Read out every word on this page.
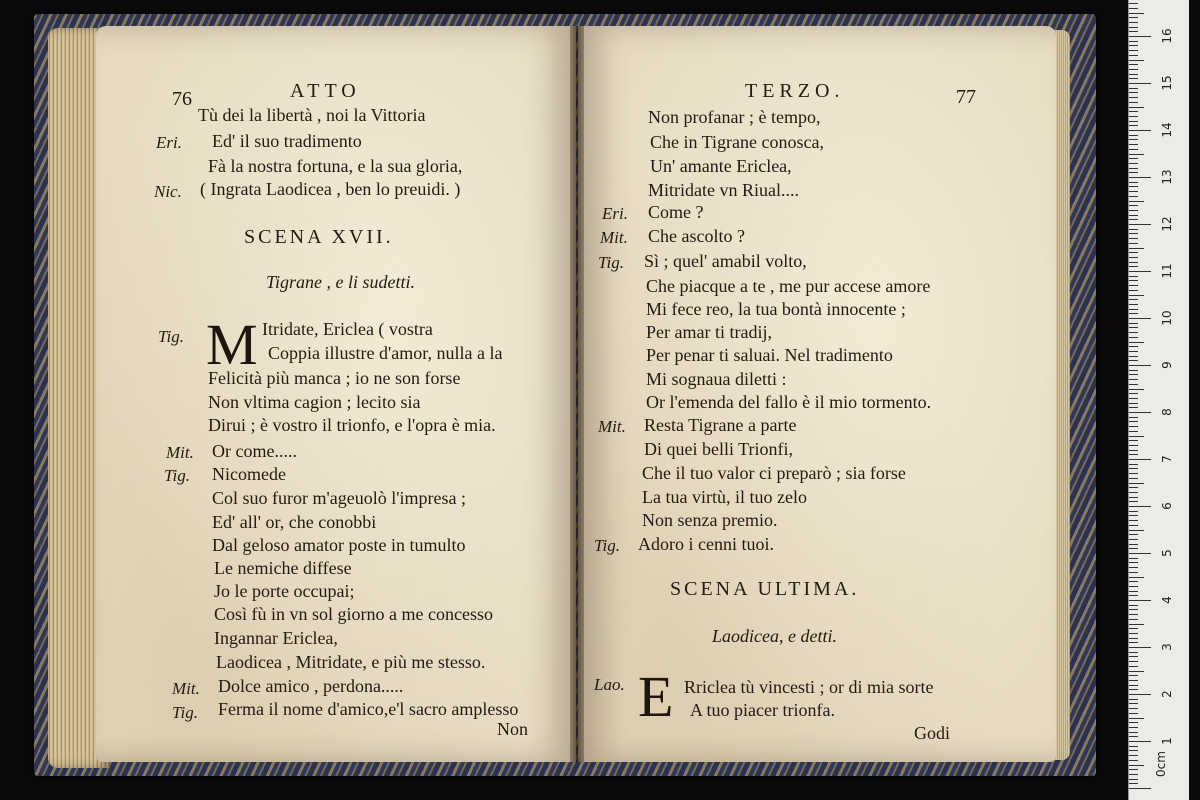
76	ATTO
Tù dei la libertà , noi la Vittoria
Eri. Ed' il suo tradimento
Fà la nostra fortuna, e la sua gloria,
Nic. ( Ingrata Laodicea , ben lo preuidi. )
SCENA XVII.
Tigrane , e li sudetti.
Tig. M Itridate, Ericlea ( vostra
Coppia illustre d'amor, nulla a la
Felicità più manca ; io ne son forse
Non vltima cagion ; lecito sia
Dirui ; è vostro il trionfo, e l'opra è mia.
Mit. Or come.....
Tig. Nicomede
Col suo furor m'ageuolò l'impresa ;
Ed' all' or, che conobbi
Dal geloso amator poste in tumulto
Le nemiche diffese
Jo le porte occupai;
Così fù in vn sol giorno a me concesso
Ingannar Ericlea,
Laodicea , Mitridate, e più me stesso.
Mit. Dolce amico , perdona.....
Tig. Ferma il nome d'amico,e'l sacro amplesso
Non
TERZO.	77
Non profanar ; è tempo,
Che in Tigrane conosca,
Un' amante Ericlea,
Mitridate vn Riual....
Eri. Come ?
Mit. Che ascolto ?
Tig. Sì ; quel' amabil volto,
Che piacque a te , me pur accese amore
Mi fece reo, la tua bontà innocente ;
Per amar ti tradij,
Per penar ti saluai. Nel tradimento
Mi sognaua diletti :
Or l'emenda del fallo è il mio tormento.
Mit. Resta Tigrane a parte
Di quei belli Trionfi,
Che il tuo valor ci preparò ; sia forse
La tua virtù, il tuo zelo
Non senza premio.
Tig. Adoro i cenni tuoi.
SCENA ULTIMA.
Laodicea, e detti.
Lao. E Rriclea tù vincesti ; or di mia sorte
A tuo piacer trionfa.
Godi
0cm
1
2
3
4
5
6
7
8
9
10
11
12
13
14
15
16
